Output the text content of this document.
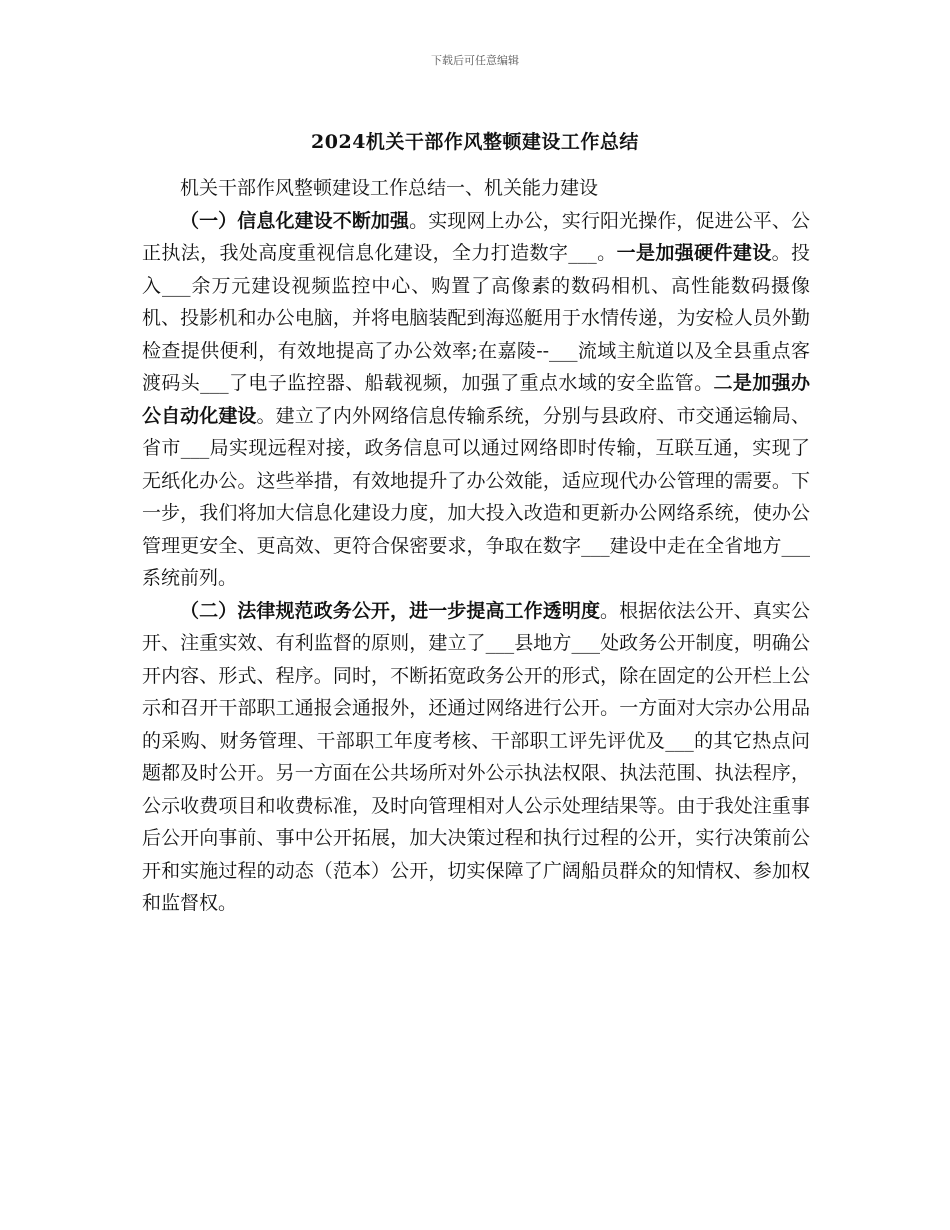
下载后可任意编辑
2024机关干部作风整顿建设工作总结

机关干部作风整顿建设工作总结一、机关能力建设

（一）信息化建设不断加强。实现网上办公，实行阳光操作，促进公平、公正执法，我处高度重视信息化建设，全力打造数字___。一是加强硬件建设。投入___余万元建设视频监控中心、购置了高像素的数码相机、高性能数码摄像机、投影机和办公电脑，并将电脑装配到海巡艇用于水情传递，为安检人员外勤检查提供便利，有效地提高了办公效率;在嘉陵--___流域主航道以及全县重点客渡码头___了电子监控器、船载视频，加强了重点水域的安全监管。二是加强办公自动化建设。建立了内外网络信息传输系统，分别与县政府、市交通运输局、省市___局实现远程对接，政务信息可以通过网络即时传输，互联互通，实现了无纸化办公。这些举措，有效地提升了办公效能，适应现代办公管理的需要。下一步，我们将加大信息化建设力度，加大投入改造和更新办公网络系统，使办公管理更安全、更高效、更符合保密要求，争取在数字___建设中走在全省地方___系统前列。

（二）法律规范政务公开，进一步提高工作透明度。根据依法公开、真实公开、注重实效、有利监督的原则，建立了___县地方___处政务公开制度，明确公开内容、形式、程序。同时，不断拓宽政务公开的形式，除在固定的公开栏上公示和召开干部职工通报会通报外，还通过网络进行公开。一方面对大宗办公用品的采购、财务管理、干部职工年度考核、干部职工评先评优及___的其它热点问题都及时公开。另一方面在公共场所对外公示执法权限、执法范围、执法程序，公示收费项目和收费标准，及时向管理相对人公示处理结果等。由于我处注重事后公开向事前、事中公开拓展，加大决策过程和执行过程的公开，实行决策前公开和实施过程的动态（范本）公开，切实保障了广阔船员群众的知情权、参加权和监督权。
